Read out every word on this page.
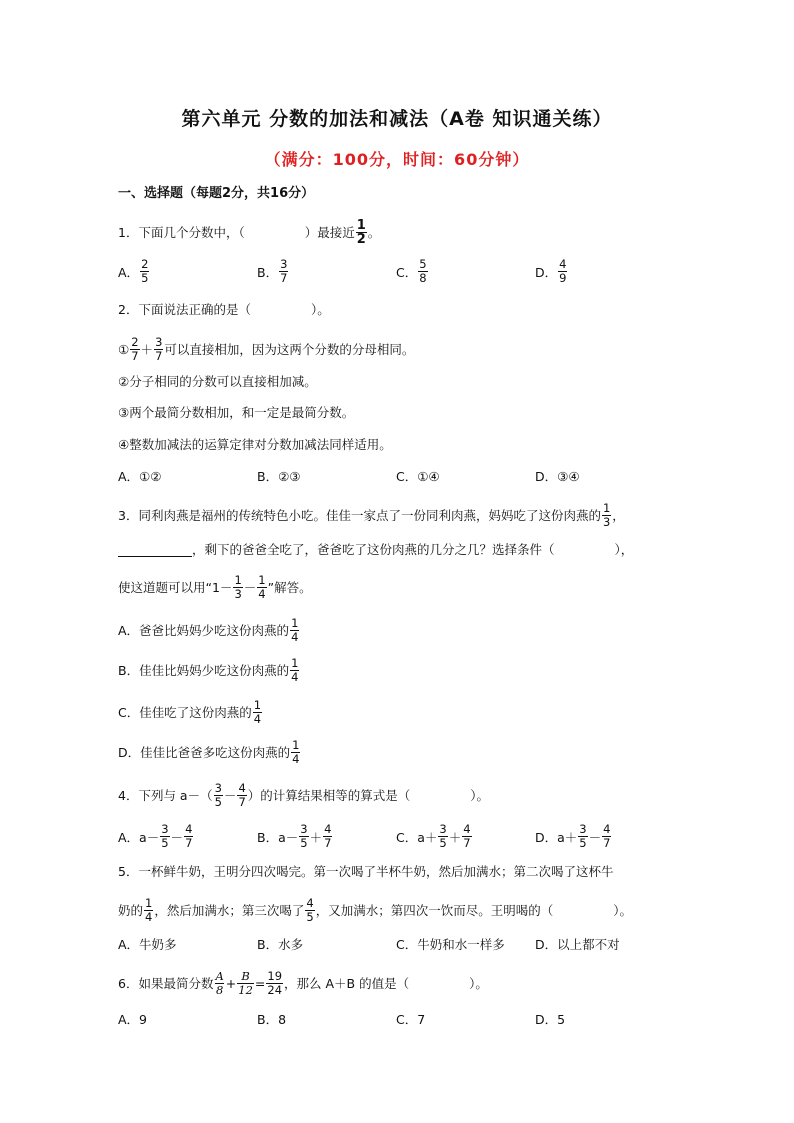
第六单元 分数的加法和减法（A卷 知识通关练）
（满分：100分，时间：60分钟）
一、选择题（每题2分，共16分）
1．下面几个分数中，（	）最接近 $\frac{1}{2}$ 。
A． $\frac{2}{5}$	B． $\frac{3}{7}$	C． $\frac{5}{8}$	D． $\frac{4}{9}$
2．下面说法正确的是（	）。
① $\frac{2}{7} + \frac{3}{7}$ 可以直接相加，因为这两个分数的分母相同。
②分子相同的分数可以直接相加减。
③两个最简分数相加，和一定是最简分数。
④整数加减法的运算定律对分数加减法同样适用。
A．①②	B．②③	C．①④	D．③④
3．同利肉燕是福州的传统特色小吃。佳佳一家点了一份同利肉燕，妈妈吃了这份肉燕的 $\frac{1}{3}$ ，
，剩下的爸爸全吃了，爸爸吃了这份肉燕的几分之几？选择条件（	），
使这道题可以用“$1- \frac{1}{3} - \frac{1}{4}$ ”解答。
A．爸爸比妈妈少吃这份肉燕的 $\frac{1}{4}$
B．佳佳比妈妈少吃这份肉燕的 $\frac{1}{4}$
C．佳佳吃了这份肉燕的 $\frac{1}{4}$
D．佳佳比爸爸多吃这份肉燕的 $\frac{1}{4}$
4．下列与 $a-( \frac{3}{5} - \frac{4}{7}$ ）的计算结果相等的算式是（	）。
A．$a- \frac{3}{5} - \frac{4}{7}$	B．$a- \frac{3}{5} + \frac{4}{7}$	C．$a+ \frac{3}{5} + \frac{4}{7}$	D．$a+ \frac{3}{5} - \frac{4}{7}$
5．一杯鲜牛奶，王明分四次喝完。第一次喝了半杯牛奶，然后加满水；第二次喝了这杯牛
奶的 $\frac{1}{4}$ ，然后加满水；第三次喝了 $\frac{4}{5}$ ，又加满水；第四次一饮而尽。王明喝的（	）。
A．牛奶多	B．水多	C．牛奶和水一样多 D．以上都不对
6．如果最简分数 $\frac{A}{8} + \frac{B}{12} = \frac{19}{24}$ ，那么 A＋B 的值是（	）。
A．9	B．8	C．7	D．5
